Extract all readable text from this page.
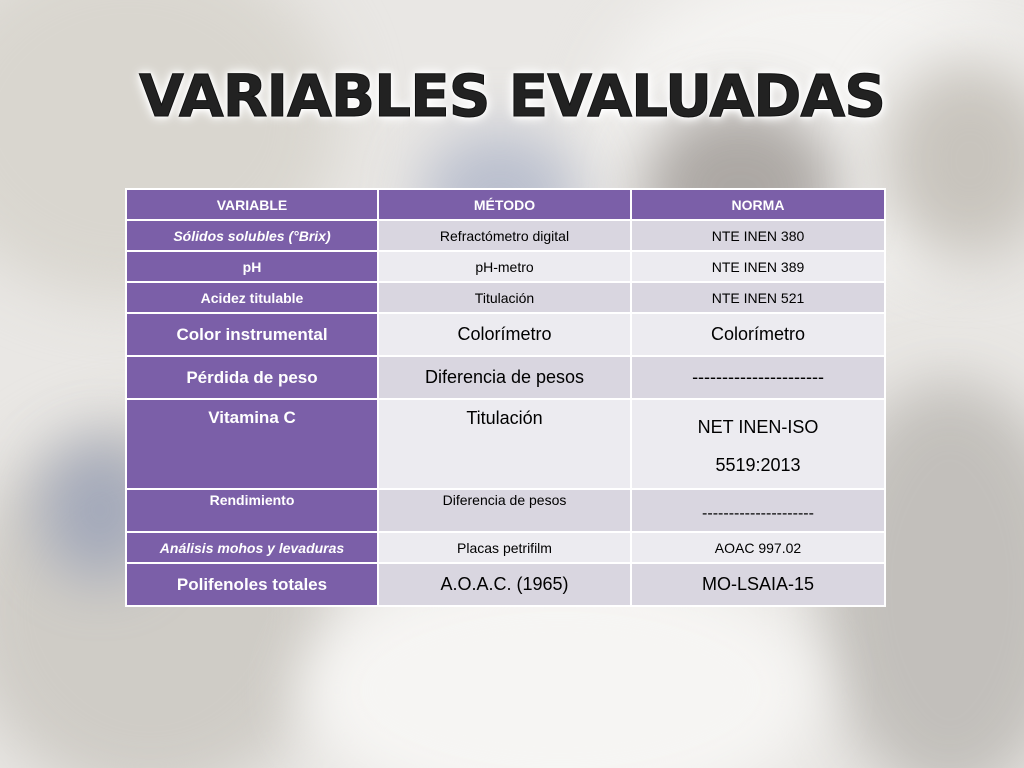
VARIABLES EVALUADAS
VARIABLE	MÉTODO	NORMA
Sólidos solubles (°Brix)	Refractómetro digital	NTE INEN 380
pH	pH-metro	NTE INEN 389
Acidez titulable	Titulación	NTE INEN 521
Color instrumental	Colorímetro	Colorímetro
Pérdida de peso	Diferencia de pesos	----------------------
Vitamina C	Titulación	NET INEN-ISO
5519:2013

Rendimiento	Diferencia de pesos	---------------------
Análisis mohos y levaduras	Placas petrifilm	AOAC 997.02
Polifenoles totales	A.O.A.C. (1965)	MO-LSAIA-15
